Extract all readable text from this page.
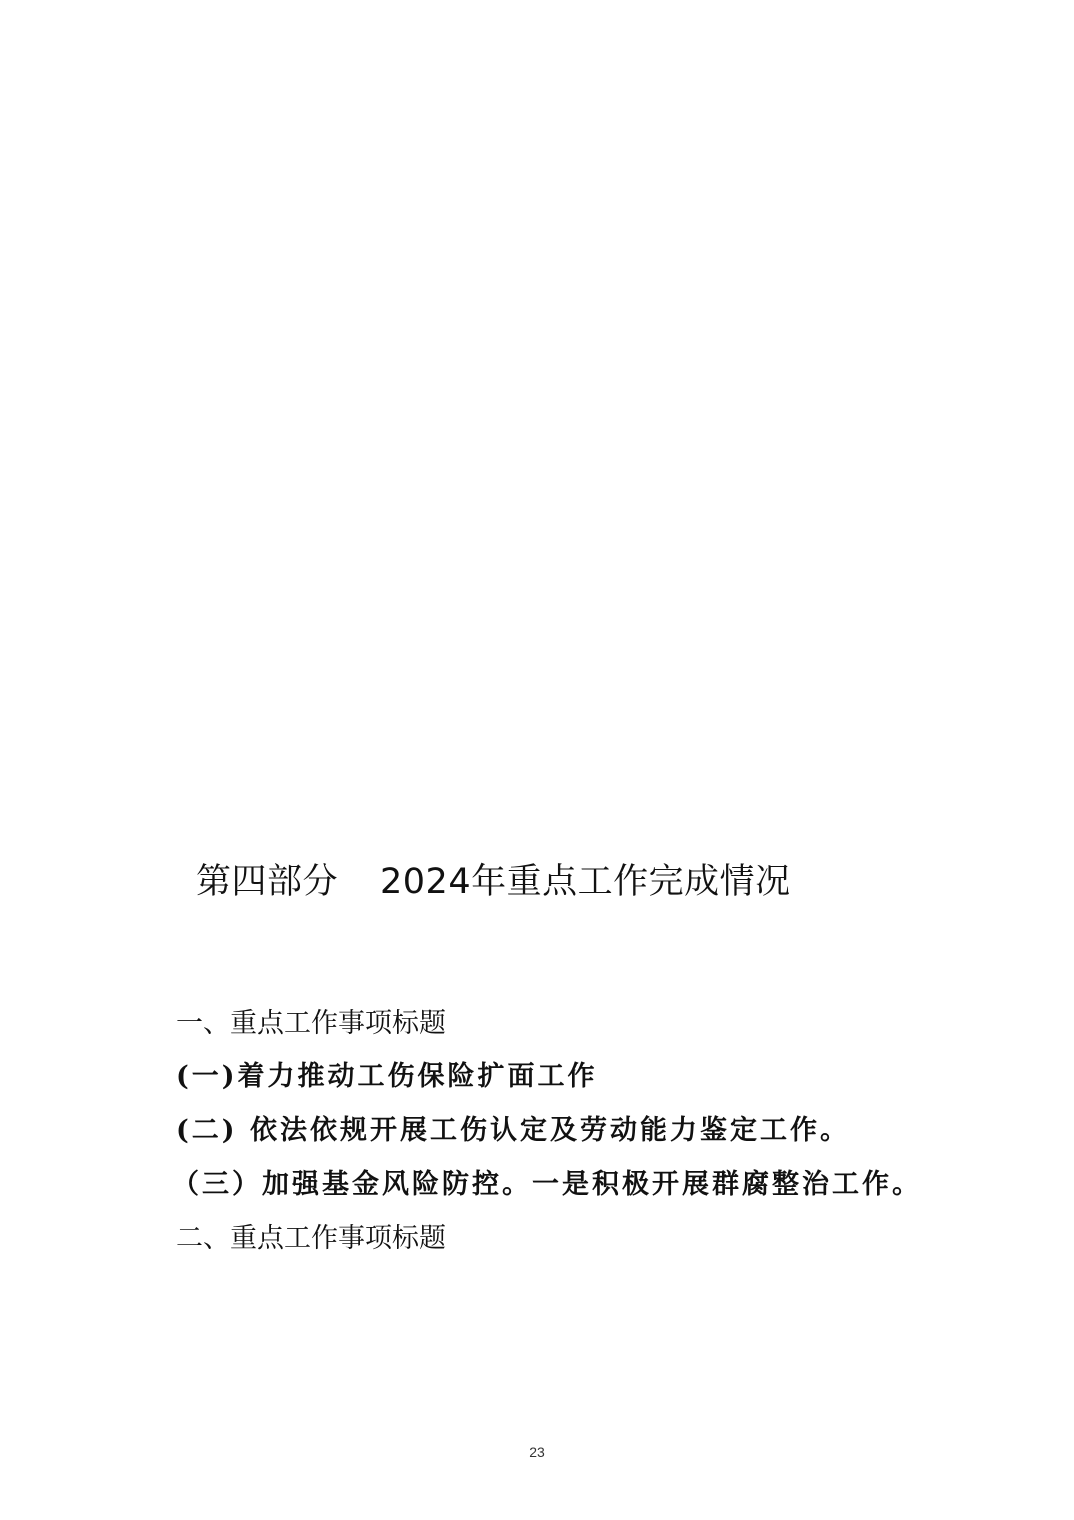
第四部分 2024年重点工作完成情况

一、重点工作事项标题

(一)着力推动工伤保险扩面工作

(二) 依法依规开展工伤认定及劳动能力鉴定工作。

（三）加强基金风险防控。一是积极开展群腐整治工作。

二、重点工作事项标题

23
